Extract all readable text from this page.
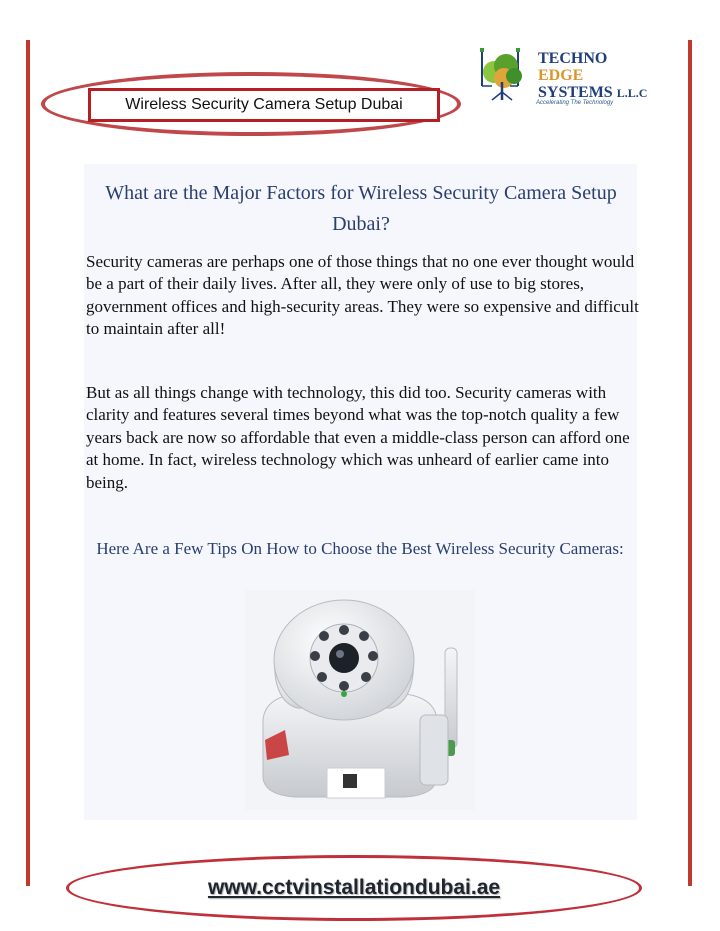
Wireless Security Camera Setup Dubai
TECHNO
EDGE
SYSTEMS L.L.C
Accelerating The Technology
What are the Major Factors for Wireless Security Camera Setup Dubai?

Security cameras are perhaps one of those things that no one ever thought would be a part of their daily lives. After all, they were only of use to big stores, government offices and high-security areas. They were so expensive and difficult to maintain after all!

But as all things change with technology, this did too. Security cameras with clarity and features several times beyond what was the top-notch quality a few years back are now so affordable that even a middle-class person can afford one at home. In fact, wireless technology which was unheard of earlier came into being.

Here Are a Few Tips On How to Choose the Best Wireless Security Cameras:
www.cctvinstallationdubai.ae
